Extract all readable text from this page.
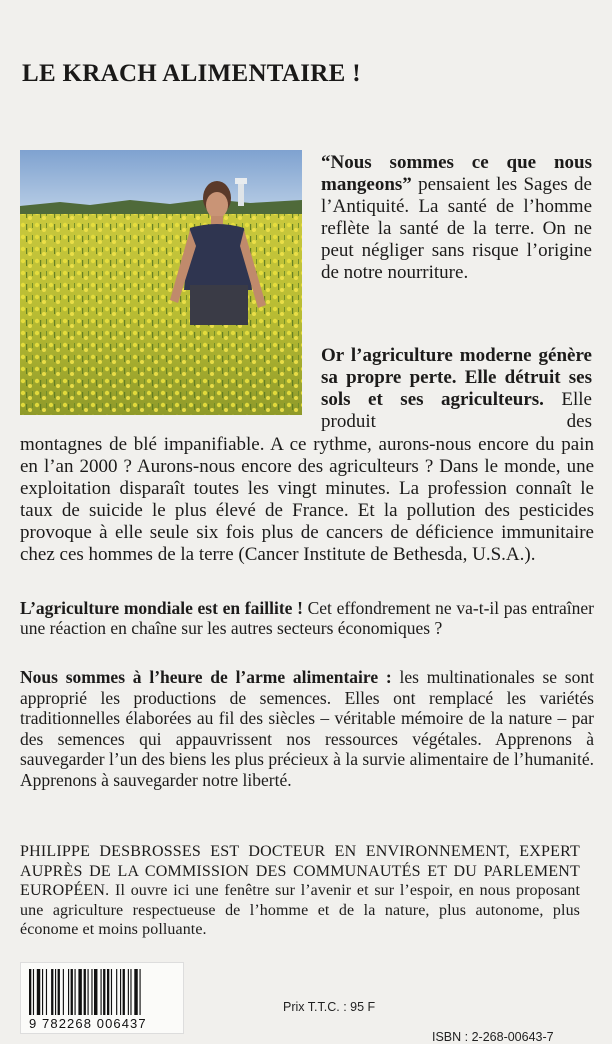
LE KRACH ALIMENTAIRE !

“Nous sommes ce que nous mangeons” pensaient les Sages de l’Antiquité. La santé de l’homme reflète la santé de la terre. On ne peut négliger sans risque l’origine de notre nourriture.

Or l’agriculture moderne génère sa propre perte. Elle détruit ses sols et ses agriculteurs. Elle produit des

montagnes de blé impanifiable. A ce rythme, aurons-nous encore du pain en l’an 2000 ? Aurons-nous encore des agriculteurs ? Dans le monde, une exploitation disparaît toutes les vingt minutes. La profession connaît le taux de suicide le plus élevé de France. Et la pollution des pesticides provoque à elle seule six fois plus de cancers de déficience immunitaire chez ces hommes de la terre (Cancer Institute de Bethesda, U.S.A.).

L’agriculture mondiale est en faillite ! Cet effondrement ne va-t-il pas entraîner une réaction en chaîne sur les autres secteurs économiques ?

Nous sommes à l’heure de l’arme alimentaire : les multinationales se sont approprié les productions de semences. Elles ont remplacé les variétés traditionnelles élaborées au fil des siècles – véritable mémoire de la nature – par des semences qui appauvrissent nos ressources végétales. Apprenons à sauvegarder l’un des biens les plus précieux à la survie alimentaire de l’humanité. Apprenons à sauvegarder notre liberté.

PHILIPPE DESBROSSES EST DOCTEUR EN ENVIRONNEMENT, EXPERT AUPRÈS DE LA COMMISSION DES COMMUNAUTÉS ET DU PARLEMENT EUROPÉEN. Il ouvre ici une fenêtre sur l’avenir et sur l’espoir, en nous proposant une agriculture respectueuse de l’homme et de la nature, plus autonome, plus économe et moins polluante.

9 782268 006437
Prix T.T.C. : 95 F
ISBN : 2-268-00643-7
